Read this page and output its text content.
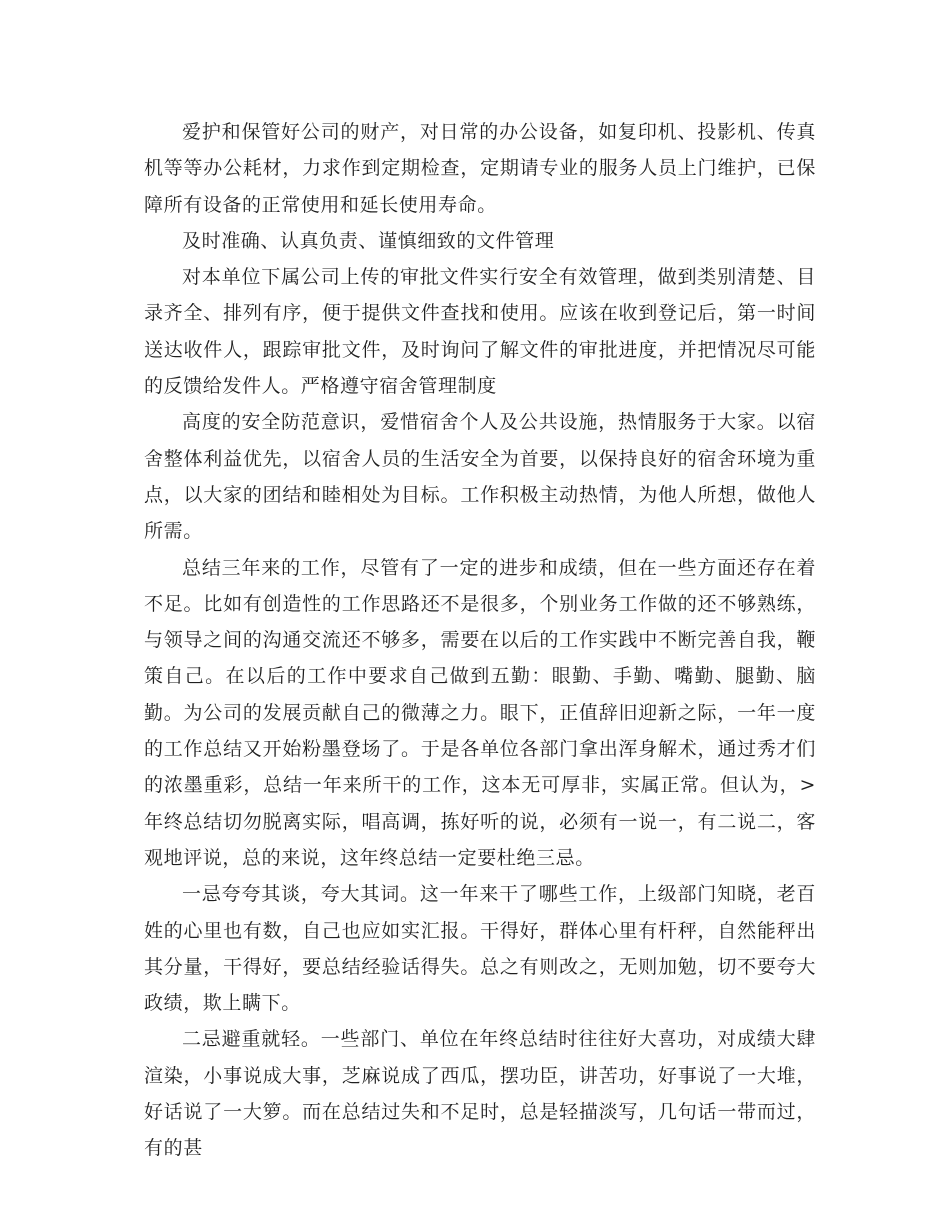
爱护和保管好公司的财产，对日常的办公设备，如复印机、投影机、传真机等等办公耗材，力求作到定期检查，定期请专业的服务人员上门维护，已保障所有设备的正常使用和延长使用寿命。

及时准确、认真负责、谨慎细致的文件管理

对本单位下属公司上传的审批文件实行安全有效管理，做到类别清楚、目录齐全、排列有序，便于提供文件查找和使用。应该在收到登记后，第一时间送达收件人，跟踪审批文件，及时询问了解文件的审批进度，并把情况尽可能的反馈给发件人。严格遵守宿舍管理制度

高度的安全防范意识，爱惜宿舍个人及公共设施，热情服务于大家。以宿舍整体利益优先，以宿舍人员的生活安全为首要，以保持良好的宿舍环境为重点，以大家的团结和睦相处为目标。工作积极主动热情，为他人所想，做他人所需。

总结三年来的工作，尽管有了一定的进步和成绩，但在一些方面还存在着不足。比如有创造性的工作思路还不是很多，个别业务工作做的还不够熟练，与领导之间的沟通交流还不够多，需要在以后的工作实践中不断完善自我，鞭策自己。在以后的工作中要求自己做到五勤：眼勤、手勤、嘴勤、腿勤、脑勤。为公司的发展贡献自己的微薄之力。眼下，正值辞旧迎新之际，一年一度的工作总结又开始粉墨登场了。于是各单位各部门拿出浑身解术，通过秀才们的浓墨重彩，总结一年来所干的工作，这本无可厚非，实属正常。但认为，>年终总结切勿脱离实际，唱高调，拣好听的说，必须有一说一，有二说二，客观地评说，总的来说，这年终总结一定要杜绝三忌。

一忌夸夸其谈，夸大其词。这一年来干了哪些工作，上级部门知晓，老百姓的心里也有数，自己也应如实汇报。干得好，群体心里有杆秤，自然能秤出其分量，干得好，要总结经验话得失。总之有则改之，无则加勉，切不要夸大政绩，欺上瞒下。

二忌避重就轻。一些部门、单位在年终总结时往往好大喜功，对成绩大肆渲染，小事说成大事，芝麻说成了西瓜，摆功臣，讲苦功，好事说了一大堆，好话说了一大箩。而在总结过失和不足时，总是轻描淡写，几句话一带而过，有的甚
